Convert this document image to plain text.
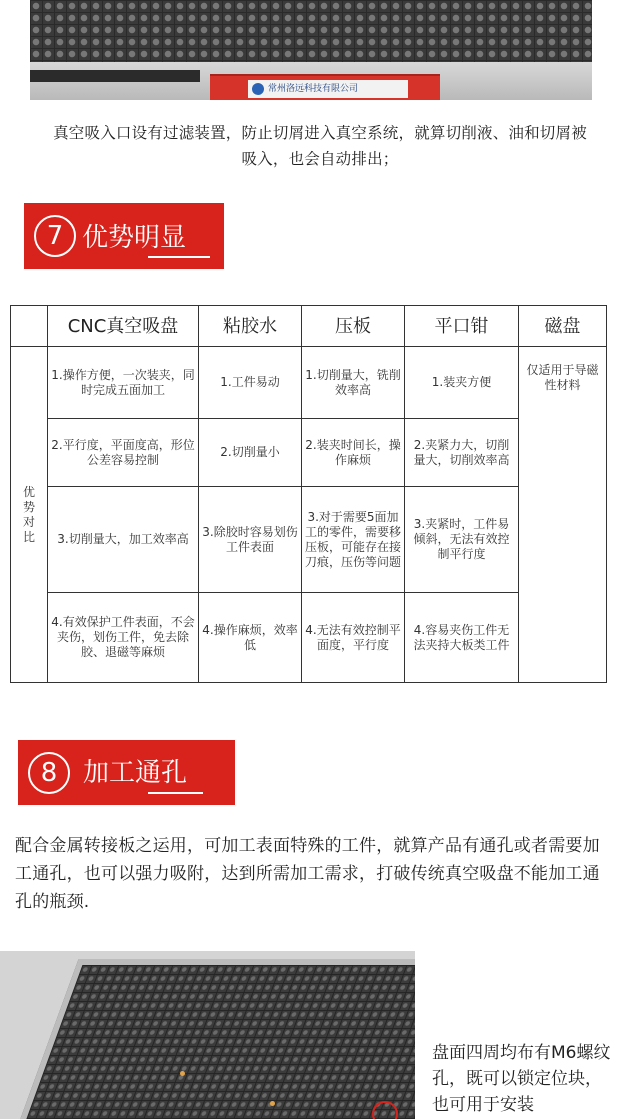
常州洛远科技有限公司
真空吸入口设有过滤装置，防止切屑进入真空系统，就算切削液、油和切屑被吸入，也会自动排出；
7 优势明显
	CNC真空吸盘	粘胶水	压板	平口钳	磁盘

优
势
对
比	1.操作方便，一次装夹，同时完成五面加工	1.工件易动	1.切削量大，铣削效率高	1.装夹方便	仅适用于导磁性材料
	2.平行度，平面度高，形位公差容易控制	2.切削量小	2.装夹时间长，操作麻烦	2.夹紧力大，切削量大，切削效率高	
	3.切削量大，加工效率高	3.除胶时容易划伤工件表面	3.对于需要5面加工的零件，需要移压板，可能存在接刀痕，压伤等问题	3.夹紧时，工件易倾斜，无法有效控制平行度	
	4.有效保护工件表面，不会夹伤，划伤工件，免去除胶、退磁等麻烦	4.操作麻烦，效率低	4.无法有效控制平面度，平行度	4.容易夹伤工件无法夹持大板类工件	
8 加工通孔
配合金属转接板之运用，可加工表面特殊的工件，就算产品有通孔或者需要加工通孔，也可以强力吸附，达到所需加工需求，打破传统真空吸盘不能加工通孔的瓶颈.
盘面四周均布有M6螺纹孔，既可以锁定位块，也可用于安装
